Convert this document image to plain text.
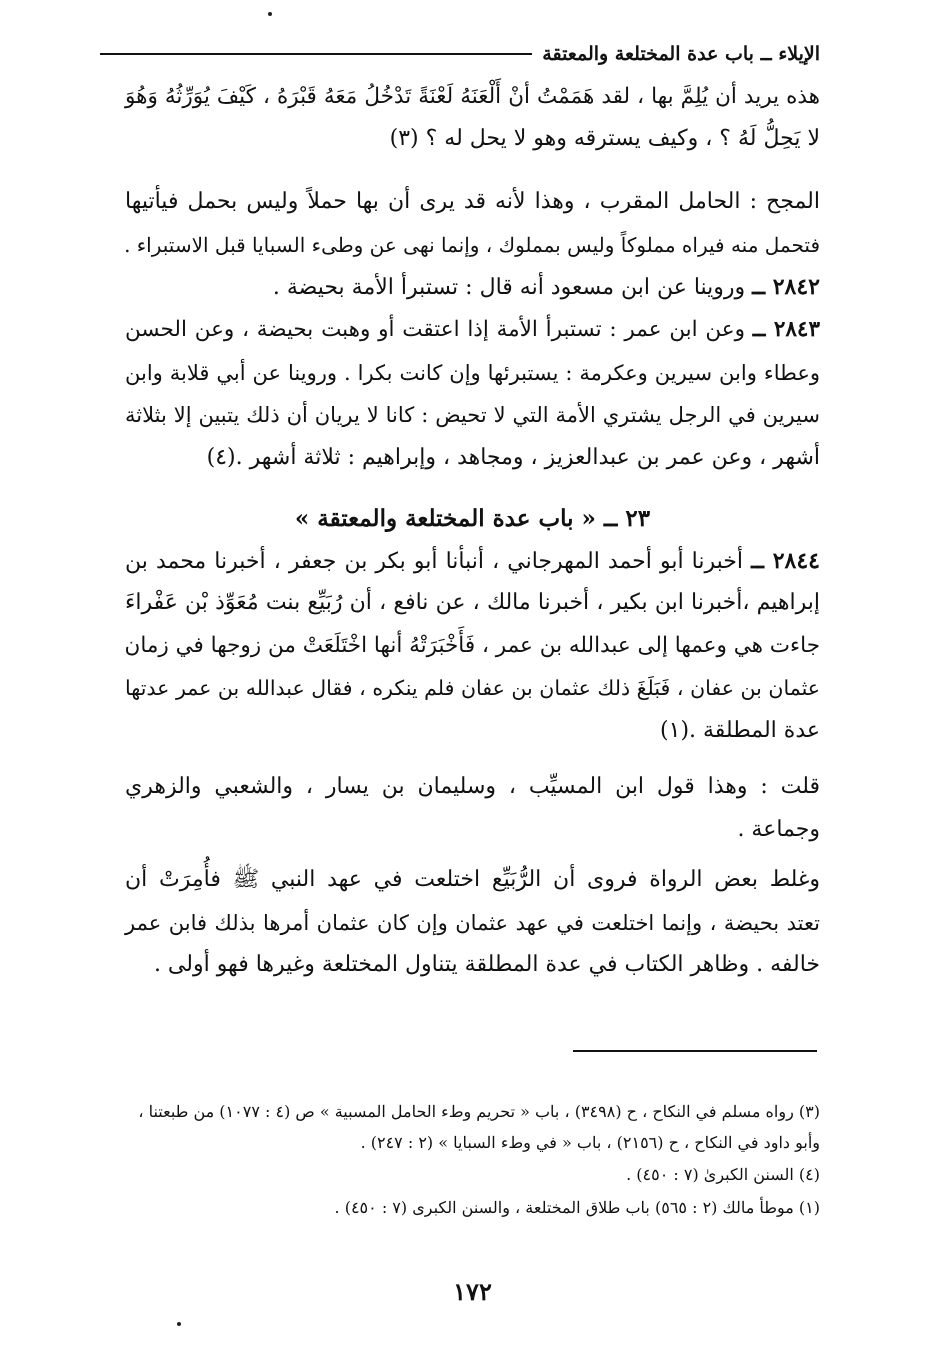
الإيلاء ــ باب عدة المختلعة والمعتقة
هذه يريد أن يُلِمَّ بها ، لقد هَمَمْتُ أنْ أَلْعَنَهُ لَعْنَةً تَدْخُلُ مَعَهُ قَبْرَهُ ، كَيْفَ يُوَرِّثُهُ وَهُوَ
لا يَحِلُّ لَهُ ؟ ، وكيف يسترقه وهو لا يحل له ؟ (٣)
المجح : الحامل المقرب ، وهذا لأنه قد يرى أن بها حملاً وليس بحمل فيأتيها
فتحمل منه فيراه مملوكاً وليس بمملوك ، وإنما نهى عن وطىء السبايا قبل الاستبراء .
٢٨٤٢ ــ وروينا عن ابن مسعود أنه قال : تستبرأ الأمة بحيضة .
٢٨٤٣ ــ وعن ابن عمر : تستبرأ الأمة إذا اعتقت أو وهبت بحيضة ، وعن الحسن
وعطاء وابن سيرين وعكرمة : يستبرئها وإن كانت بكرا . وروينا عن أبي قلابة وابن
سيرين في الرجل يشتري الأمة التي لا تحيض : كانا لا يريان أن ذلك يتبين إلا بثلاثة
أشهر ، وعن عمر بن عبدالعزيز ، ومجاهد ، وإبراهيم : ثلاثة أشهر .(٤)
٢٣ ــ « باب عدة المختلعة والمعتقة »
٢٨٤٤ ــ أخبرنا أبو أحمد المهرجاني ، أنبأنا أبو بكر بن جعفر ، أخبرنا محمد بن
إبراهيم ،أخبرنا ابن بكير ، أخبرنا مالك ، عن نافع ، أن رُبَيِّع بنت مُعَوِّذ بْن عَفْراءَ
جاءت هي وعمها إلى عبدالله بن عمر ، فَأَخْبَرَتْهُ أنها اخْتَلَعَتْ من زوجها في زمان
عثمان بن عفان ، فَبَلَغَ ذلك عثمان بن عفان فلم ينكره ، فقال عبدالله بن عمر عدتها
عدة المطلقة .(١)
قلت : وهذا قول ابن المسيِّب ، وسليمان بن يسار ، والشعبي والزهري
وجماعة .
وغلط بعض الرواة فروى أن الرُّبَيِّع اختلعت في عهد النبي ﷺ فأُمِرَتْ أن
تعتد بحيضة ، وإنما اختلعت في عهد عثمان وإن كان عثمان أمرها بذلك فابن عمر
خالفه . وظاهر الكتاب في عدة المطلقة يتناول المختلعة وغيرها فهو أولى .
(٣) رواه مسلم في النكاح ، ح (٣٤٩٨) ، باب « تحريم وطء الحامل المسبية » ص (٤ : ١٠٧٧) من طبعتنا ،
وأبو داود في النكاح ، ح (٢١٥٦) ، باب « في وطء السبايا » (٢ : ٢٤٧) .
(٤) السنن الكبرىٰ (٧ : ٤٥٠) .
(١) موطأ مالك (٢ : ٥٦٥) باب طلاق المختلعة ، والسنن الكبرى (٧ : ٤٥٠) .
١٧٢
